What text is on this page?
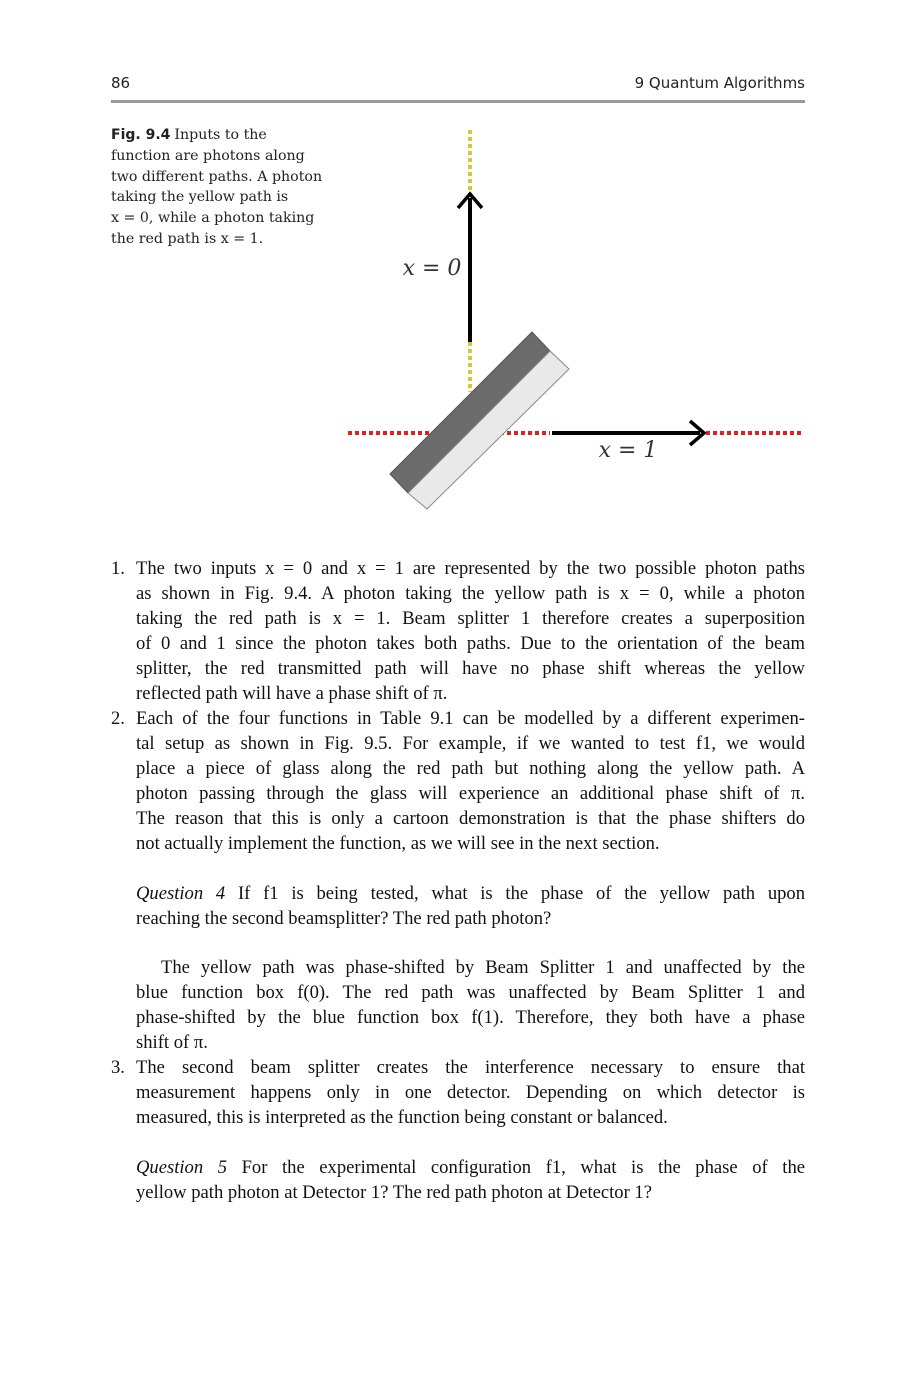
86	9 Quantum Algorithms
Fig. 9.4 Inputs to the
function are photons along
two different paths. A photon
taking the yellow path is
x = 0, while a photon taking
the red path is x = 1.
x = 0
x = 1
1. The two inputs x = 0 and x = 1 are represented by the two possible photon paths
as shown in Fig. 9.4. A photon taking the yellow path is x = 0, while a photon
taking the red path is x = 1. Beam splitter 1 therefore creates a superposition
of 0 and 1 since the photon takes both paths. Due to the orientation of the beam
splitter, the red transmitted path will have no phase shift whereas the yellow
reflected path will have a phase shift of π.
2. Each of the four functions in Table 9.1 can be modelled by a different experimen-
tal setup as shown in Fig. 9.5. For example, if we wanted to test f1, we would
place a piece of glass along the red path but nothing along the yellow path. A
photon passing through the glass will experience an additional phase shift of π.
The reason that this is only a cartoon demonstration is that the phase shifters do
not actually implement the function, as we will see in the next section.
Question 4 If f1 is being tested, what is the phase of the yellow path upon
reaching the second beamsplitter? The red path photon?
The yellow path was phase-shifted by Beam Splitter 1 and unaffected by the
blue function box f(0). The red path was unaffected by Beam Splitter 1 and
phase-shifted by the blue function box f(1). Therefore, they both have a phase
shift of π.
3. The second beam splitter creates the interference necessary to ensure that
measurement happens only in one detector. Depending on which detector is
measured, this is interpreted as the function being constant or balanced.
Question 5 For the experimental configuration f1, what is the phase of the
yellow path photon at Detector 1? The red path photon at Detector 1?
